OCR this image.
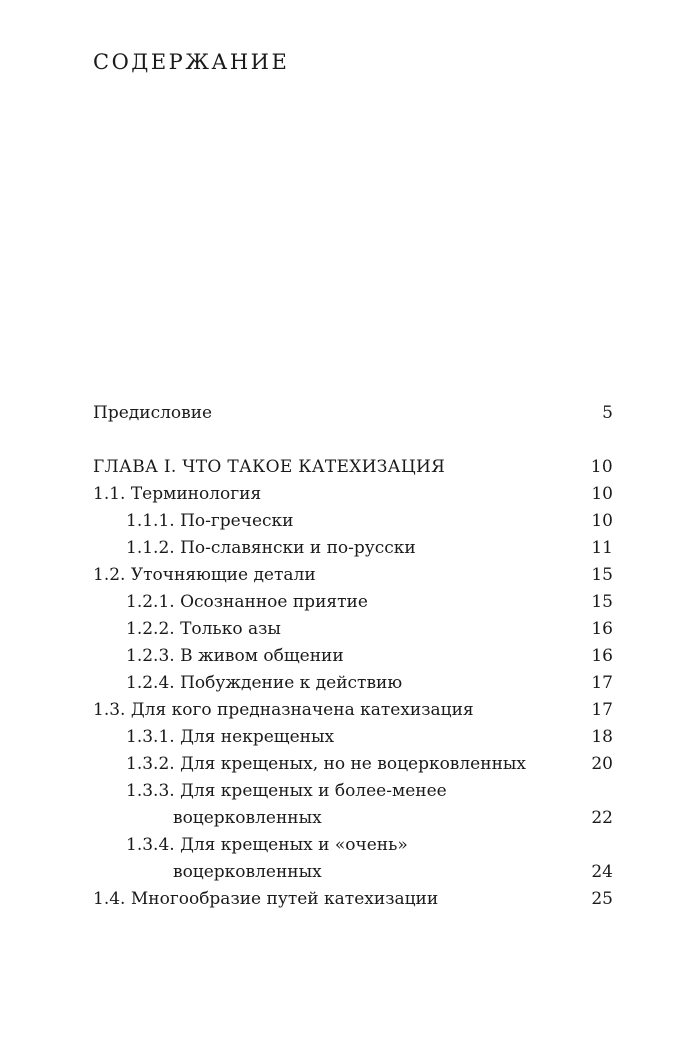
СОДЕРЖАНИЕ
Предисловие	5
ГЛАВА I. ЧТО ТАКОЕ КАТЕХИЗАЦИЯ	10
1.1. Терминология	10
1.1.1. По-гречески	10
1.1.2. По-славянски и по-русски	11
1.2. Уточняющие детали	15
1.2.1. Осознанное приятие	15
1.2.2. Только азы	16
1.2.3. В живом общении	16
1.2.4. Побуждение к действию	17
1.3. Для кого предназначена катехизация	17
1.3.1. Для некрещеных	18
1.3.2. Для крещеных, но не воцерковленных	20
1.3.3. Для крещеных и более-менее
воцерковленных	22
1.3.4. Для крещеных и «очень»
воцерковленных	24
1.4. Многообразие путей катехизации	25
